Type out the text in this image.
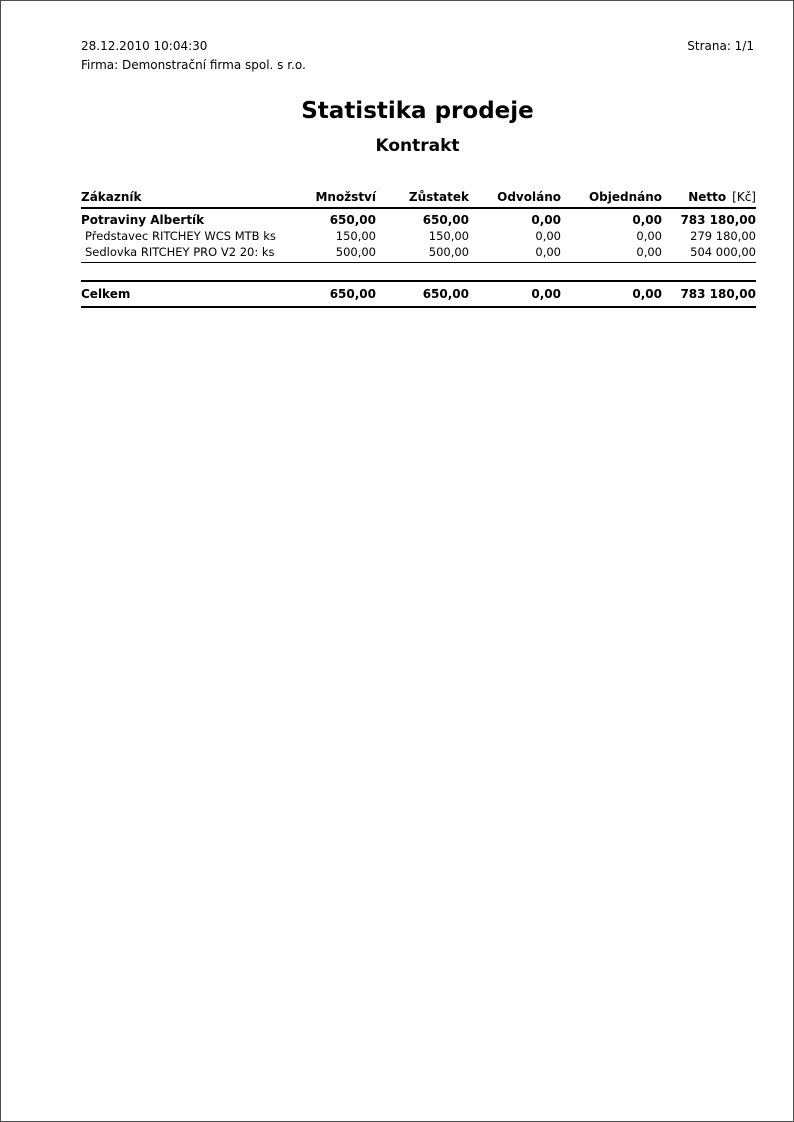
28.12.2010 10:04:30	Strana: 1/1
Firma: Demonstrační firma spol. s r.o.
Statistika prodeje
Kontrakt
Zákazník	Množství	Zůstatek	Odvoláno	Objednáno	Netto [Kč]
Potraviny Albertík	650,00	650,00	0,00	0,00	783 180,00
Představec RITCHEY WCS MTB ks	150,00	150,00	0,00	0,00	279 180,00
Sedlovka RITCHEY PRO V2 20: ks	500,00	500,00	0,00	0,00	504 000,00

Celkem	650,00	650,00	0,00	0,00	783 180,00
